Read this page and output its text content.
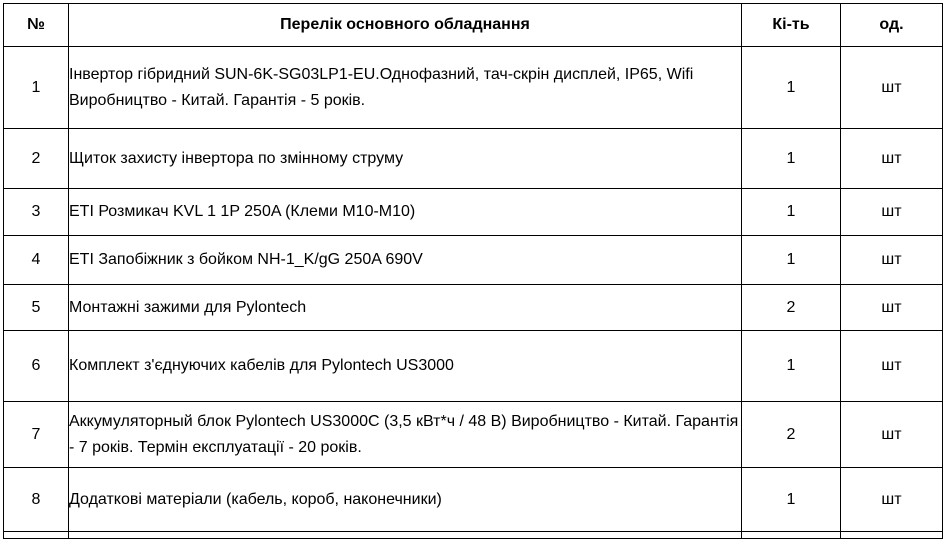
№	Перелік основного обладнання	Кі-ть	од.
1	Інвертор гібридний SUN-6K-SG03LP1-EU.Однофазний, тач-скрін дисплей, IP65, Wifi Виробництво - Китай. Гарантія - 5 років.	1	шт
2	Щиток захисту інвертора по змінному струму	1	шт
3	ETI Розмикач KVL 1 1P 250A (Клеми M10-M10)	1	шт
4	ETI Запобіжник з бойком NH-1_K/gG 250A 690V	1	шт
5	Монтажні зажими для Pylontech	2	шт
6	Комплект з'єднуючих кабелів для Pylontech US3000	1	шт
7	Аккумуляторный блок Pylontech US3000C (3,5 кВт*ч / 48 В) Виробництво - Китай. Гарантія - 7 років. Термін експлуатації - 20 років.	2	шт
8	Додаткові матеріали (кабель, короб, наконечники)	1	шт
